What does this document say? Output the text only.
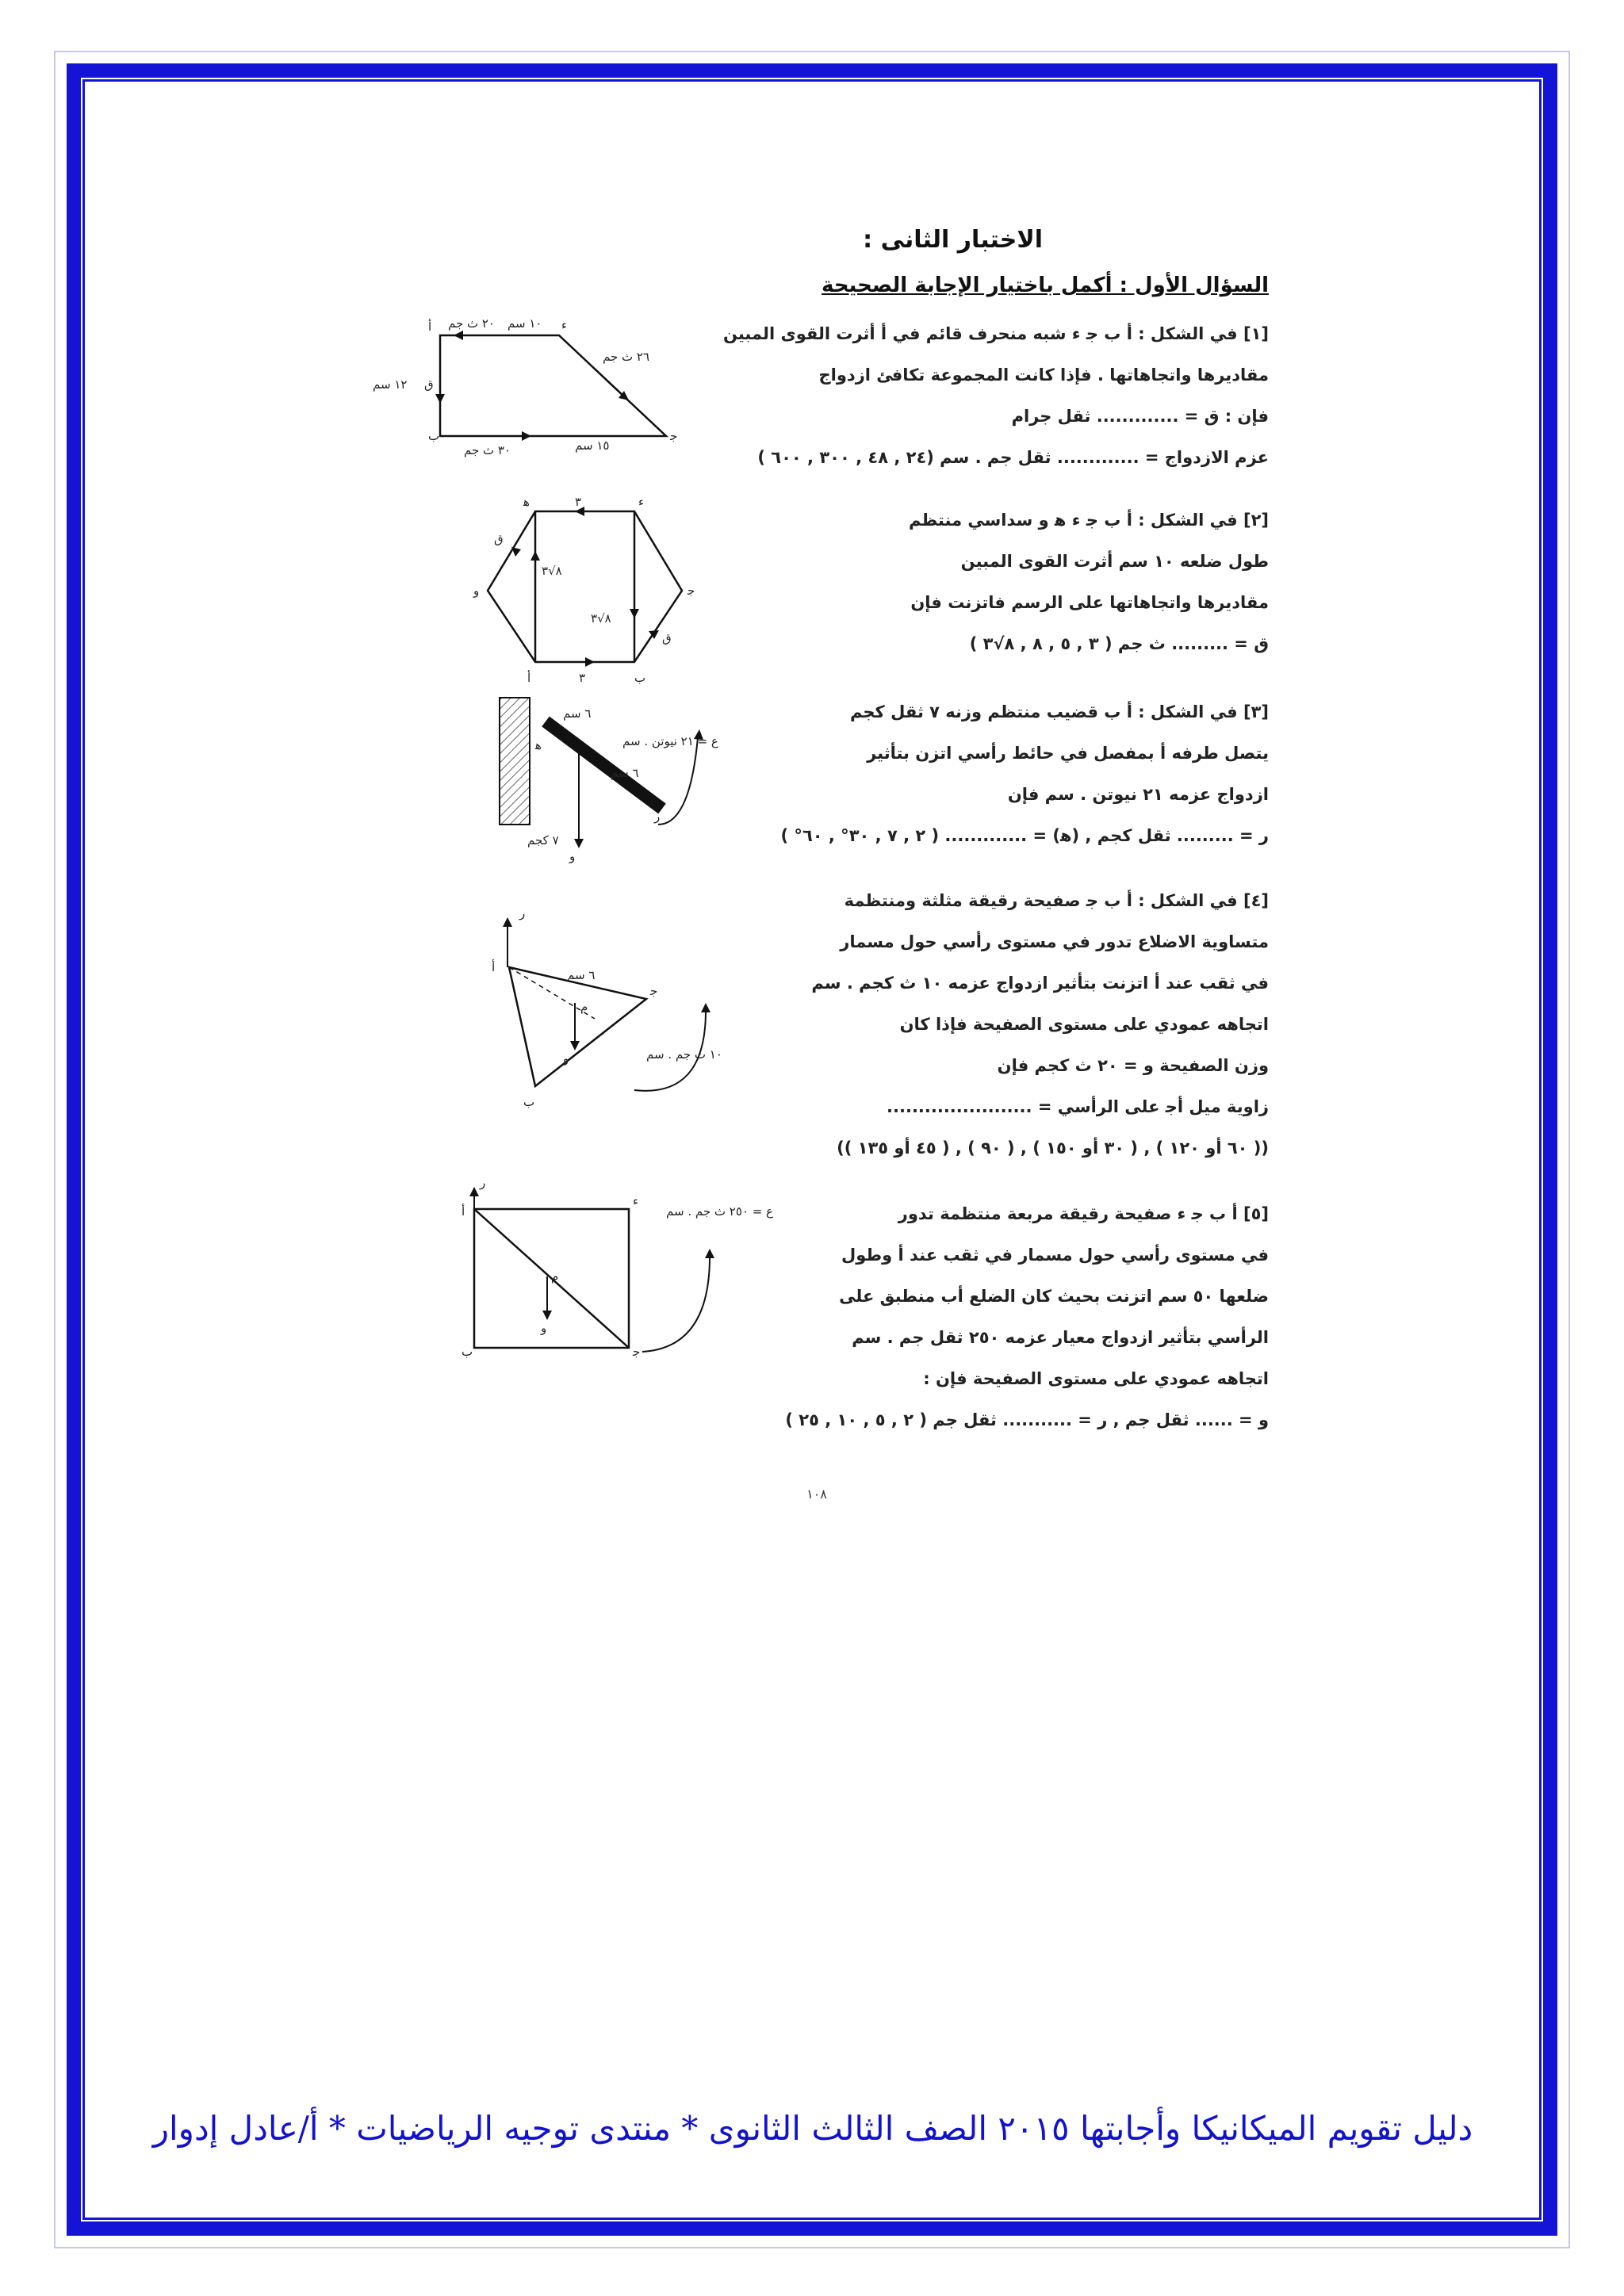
الاختبار الثانى :
السؤال الأول : أكمل باختيار الإجابة الصحيحة
[١] في الشكل : أ ب ﺟ ء شبه منحرف قائم في أ أثرت القوى المبين
مقاديرها واتجاهاتها . فإذا كانت المجموعة تكافئ ازدواج
فإن : ق = ............. ثقل جرام
عزم الازدواج = ............. ثقل جم . سم (٢٤ , ٤٨ , ٣٠٠ , ٦٠٠ )
٢٠ ث جم ١٠ سم
٢٦ ث جم
ق
١٢ سم
٣٠ ث جم	١٥ سم
أ
ب	ﺟ
ء
[٢] في الشكل : أ ب ﺟ ء ﻫ و سداسي منتظم
طول ضلعه ١٠ سم أثرت القوى المبين
مقاديرها واتجاهاتها على الرسم فاتزنت فإن
ق = ......... ث جم ( ٣ , ٥ , ٨ , ٨√٣ )
٣
٨√٣
٨√٣
٣
ق
ق
ﻫ	ء
و	ﺟ
أ	ب
[٣] في الشكل : أ ب قضيب منتظم وزنه ٧ ثقل كجم
يتصل طرفه أ بمفصل في حائط رأسي اتزن بتأثير
ازدواج عزمه ٢١ نيوتن . سم فإن
ر = ......... ثقل كجم , (ﻫ) = ............. ( ٢ , ٧ , ٣٠° , ٦٠° )
٦ سم
ع = ٢١ نيوتن . سم
ﻫ
٦ سم
ر
و
٧ كجم
[٤] في الشكل : أ ب ﺟ صفيحة رقيقة مثلثة ومنتظمة
متساوية الاضلاع تدور في مستوى رأسي حول مسمار
في ثقب عند أ اتزنت بتأثير ازدواج عزمه ١٠ ث كجم . سم
اتجاهه عمودي على مستوى الصفيحة فإذا كان
وزن الصفيحة و = ٢٠ ث كجم فإن
زاوية ميل أﺟ على الرأسي = .......................
(( ٦٠ أو ١٢٠ ) , ( ٣٠ أو ١٥٠ ) , ( ٩٠ ) , ( ٤٥ أو ١٣٥ ))
ر
أ
٦ سم
م
ﺟ
و	١٠ ث جم . سم
ب
[٥] أ ب ﺟ ء صفيحة رقيقة مربعة منتظمة تدور
في مستوى رأسي حول مسمار في ثقب عند أ وطول
ضلعها ٥٠ سم اتزنت بحيث كان الضلع أب منطبق على
الرأسي بتأثير ازدواج معيار عزمه ٢٥٠ ثقل جم . سم
اتجاهه عمودي على مستوى الصفيحة فإن :
و = ...... ثقل جم , ر = ........... ثقل جم ( ٢ , ٥ , ١٠ , ٢٥ )
ر
أ
ء
ع = ٢٥٠ ث جم . سم
م
و
ب	ﺟ
١٠٨
دليل تقويم الميكانيكا وأجابتها ٢٠١٥ الصف الثالث الثانوى * منتدى توجيه الرياضيات * أ/عادل إدوار
